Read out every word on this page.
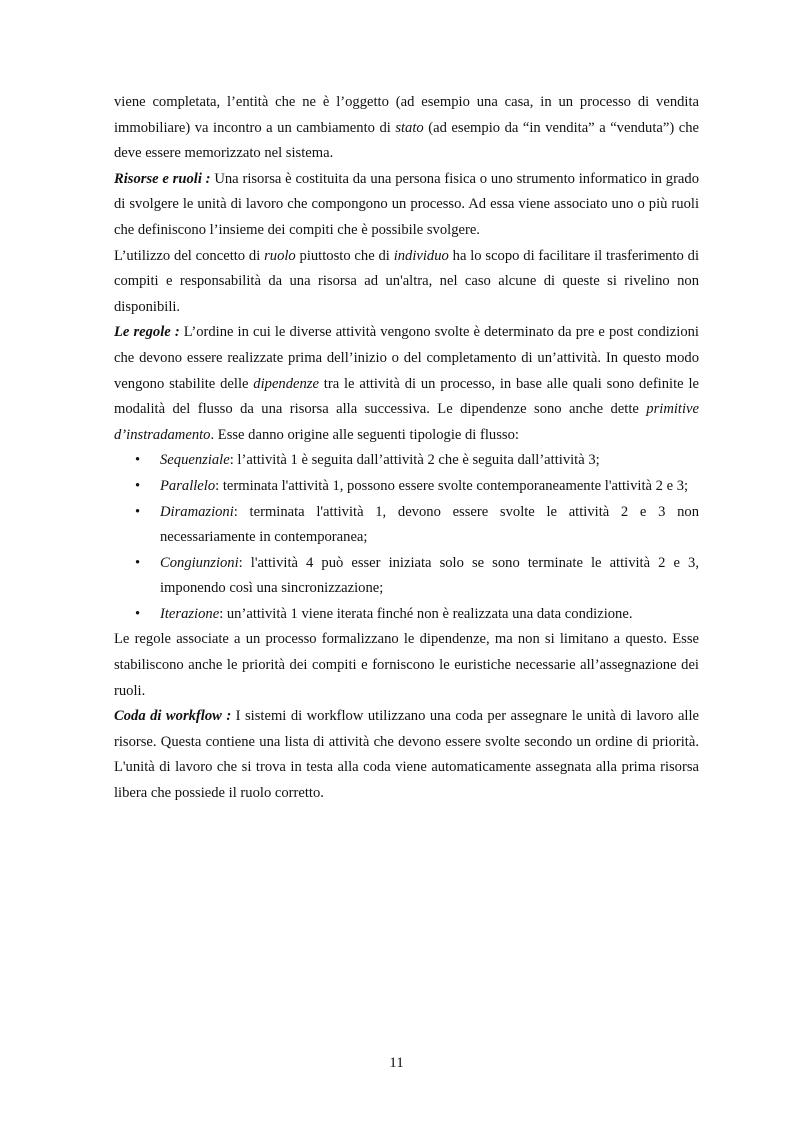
viene completata, l’entità che ne è l’oggetto (ad esempio una casa, in un processo di vendita immobiliare) va incontro a un cambiamento di stato (ad esempio da “in vendita” a “venduta”) che deve essere memorizzato nel sistema.

Risorse e ruoli : Una risorsa è costituita da una persona fisica o uno strumento informatico in grado di svolgere le unità di lavoro che compongono un processo. Ad essa viene associato uno o più ruoli che definiscono l’insieme dei compiti che è possibile svolgere.

L’utilizzo del concetto di ruolo piuttosto che di individuo ha lo scopo di facilitare il trasferimento di compiti e responsabilità da una risorsa ad un'altra, nel caso alcune di queste si rivelino non disponibili.

Le regole : L’ordine in cui le diverse attività vengono svolte è determinato da pre e post condizioni che devono essere realizzate prima dell’inizio o del completamento di un’attività. In questo modo vengono stabilite delle dipendenze tra le attività di un processo, in base alle quali sono definite le modalità del flusso da una risorsa alla successiva. Le dipendenze sono anche dette primitive d’instradamento. Esse danno origine alle seguenti tipologie di flusso:

• Sequenziale: l’attività 1 è seguita dall’attività 2 che è seguita dall’attività 3;
• Parallelo: terminata l'attività 1, possono essere svolte contemporaneamente l'attività 2 e 3;
• Diramazioni: terminata l'attività 1, devono essere svolte le attività 2 e 3 non necessariamente in contemporanea;
• Congiunzioni: l'attività 4 può esser iniziata solo se sono terminate le attività 2 e 3, imponendo così una sincronizzazione;
• Iterazione: un’attività 1 viene iterata finché non è realizzata una data condizione.

Le regole associate a un processo formalizzano le dipendenze, ma non si limitano a questo. Esse stabiliscono anche le priorità dei compiti e forniscono le euristiche necessarie all’assegnazione dei ruoli.

Coda di workflow : I sistemi di workflow utilizzano una coda per assegnare le unità di lavoro alle risorse. Questa contiene una lista di attività che devono essere svolte secondo un ordine di priorità. L'unità di lavoro che si trova in testa alla coda viene automaticamente assegnata alla prima risorsa libera che possiede il ruolo corretto.

11
